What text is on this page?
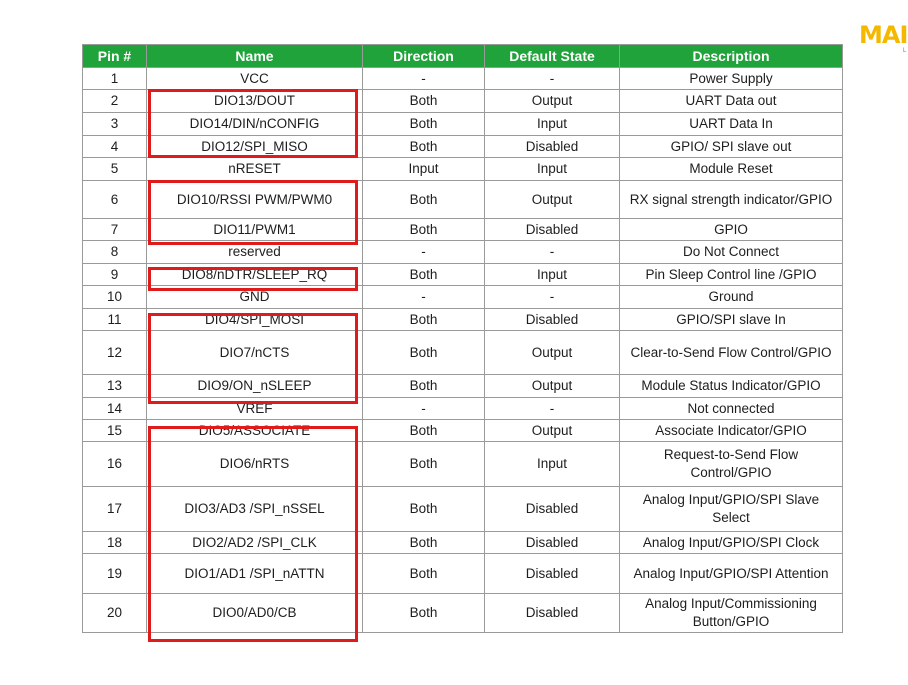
MAI
L
Pin #	Name	Direction	Default State	Description
1	VCC	-	-	Power Supply
2	DIO13/DOUT	Both	Output	UART Data out
3	DIO14/DIN/nCONFIG	Both	Input	UART Data In
4	DIO12/SPI_MISO	Both	Disabled	GPIO/ SPI slave out
5	nRESET	Input	Input	Module Reset
6	DIO10/RSSI PWM/PWM0	Both	Output	RX signal strength indicator/GPIO
7	DIO11/PWM1	Both	Disabled	GPIO
8	reserved	-	-	Do Not Connect
9	DIO8/nDTR/SLEEP_RQ	Both	Input	Pin Sleep Control line /GPIO
10	GND	-	-	Ground
11	DIO4/SPI_MOSI	Both	Disabled	GPIO/SPI slave In
12	DIO7/nCTS	Both	Output	Clear-to-Send Flow Control/GPIO
13	DIO9/ON_nSLEEP	Both	Output	Module Status Indicator/GPIO
14	VREF	-	-	Not connected
15	DIO5/ASSOCIATE	Both	Output	Associate Indicator/GPIO
16	DIO6/nRTS	Both	Input	Request-to-Send Flow Control/GPIO
17	DIO3/AD3 /SPI_nSSEL	Both	Disabled	Analog Input/GPIO/SPI Slave Select
18	DIO2/AD2 /SPI_CLK	Both	Disabled	Analog Input/GPIO/SPI Clock
19	DIO1/AD1 /SPI_nATTN	Both	Disabled	Analog Input/GPIO/SPI Attention
20	DIO0/AD0/CB	Both	Disabled	Analog Input/Commissioning Button/GPIO
